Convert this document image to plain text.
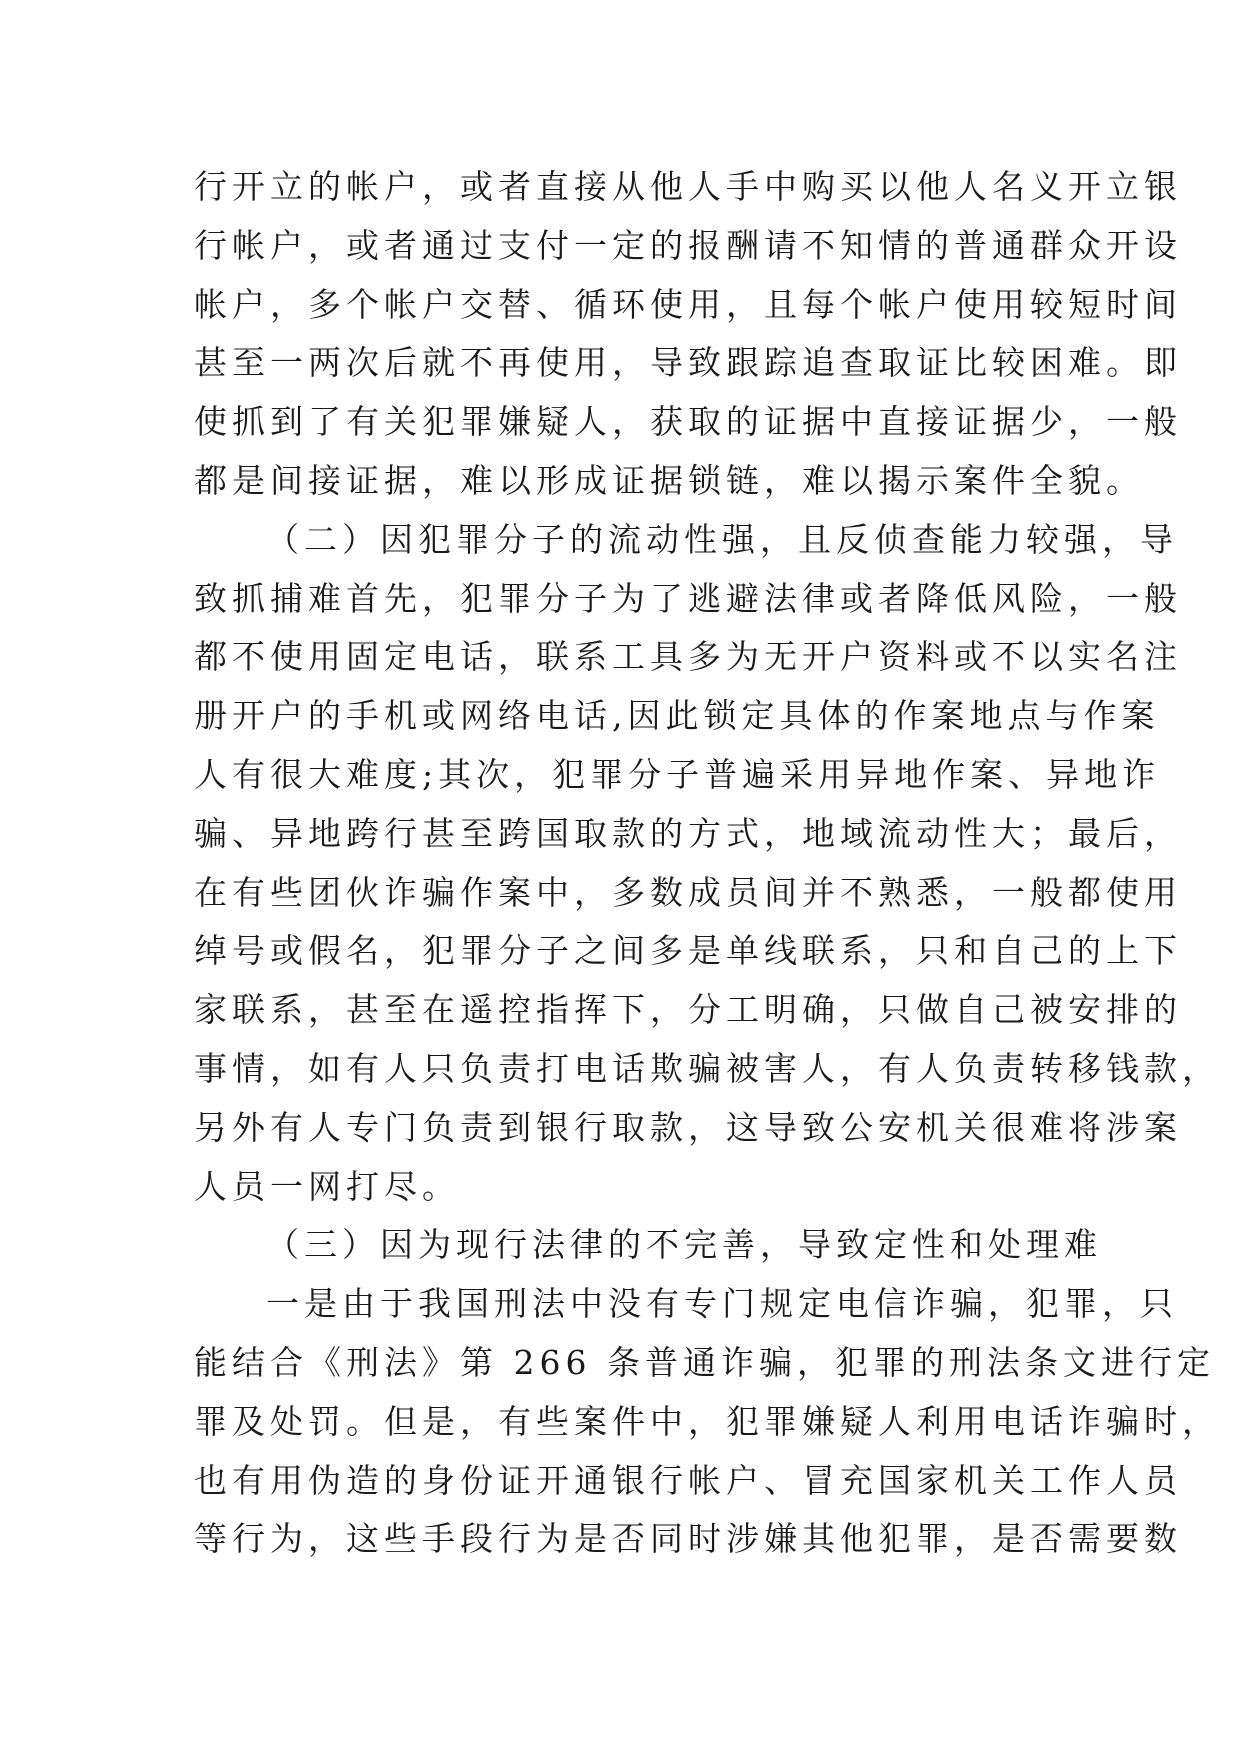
行开立的帐户，或者直接从他人手中购买以他人名义开立银
行帐户，或者通过支付一定的报酬请不知情的普通群众开设
帐户，多个帐户交替、循环使用，且每个帐户使用较短时间
甚至一两次后就不再使用，导致跟踪追查取证比较困难。即
使抓到了有关犯罪嫌疑人，获取的证据中直接证据少，一般
都是间接证据，难以形成证据锁链，难以揭示案件全貌。
（二）因犯罪分子的流动性强，且反侦查能力较强，导
致抓捕难首先，犯罪分子为了逃避法律或者降低风险，一般
都不使用固定电话，联系工具多为无开户资料或不以实名注
册开户的手机或网络电话,因此锁定具体的作案地点与作案
人有很大难度;其次，犯罪分子普遍采用异地作案、异地诈
骗、异地跨行甚至跨国取款的方式，地域流动性大；最后，
在有些团伙诈骗作案中，多数成员间并不熟悉，一般都使用
绰号或假名，犯罪分子之间多是单线联系，只和自己的上下
家联系，甚至在遥控指挥下，分工明确，只做自己被安排的
事情，如有人只负责打电话欺骗被害人，有人负责转移钱款，
另外有人专门负责到银行取款，这导致公安机关很难将涉案
人员一网打尽。
（三）因为现行法律的不完善，导致定性和处理难
一是由于我国刑法中没有专门规定电信诈骗，犯罪，只
能结合《刑法》第 266 条普通诈骗，犯罪的刑法条文进行定
罪及处罚。但是，有些案件中，犯罪嫌疑人利用电话诈骗时，
也有用伪造的身份证开通银行帐户、冒充国家机关工作人员
等行为，这些手段行为是否同时涉嫌其他犯罪，是否需要数
